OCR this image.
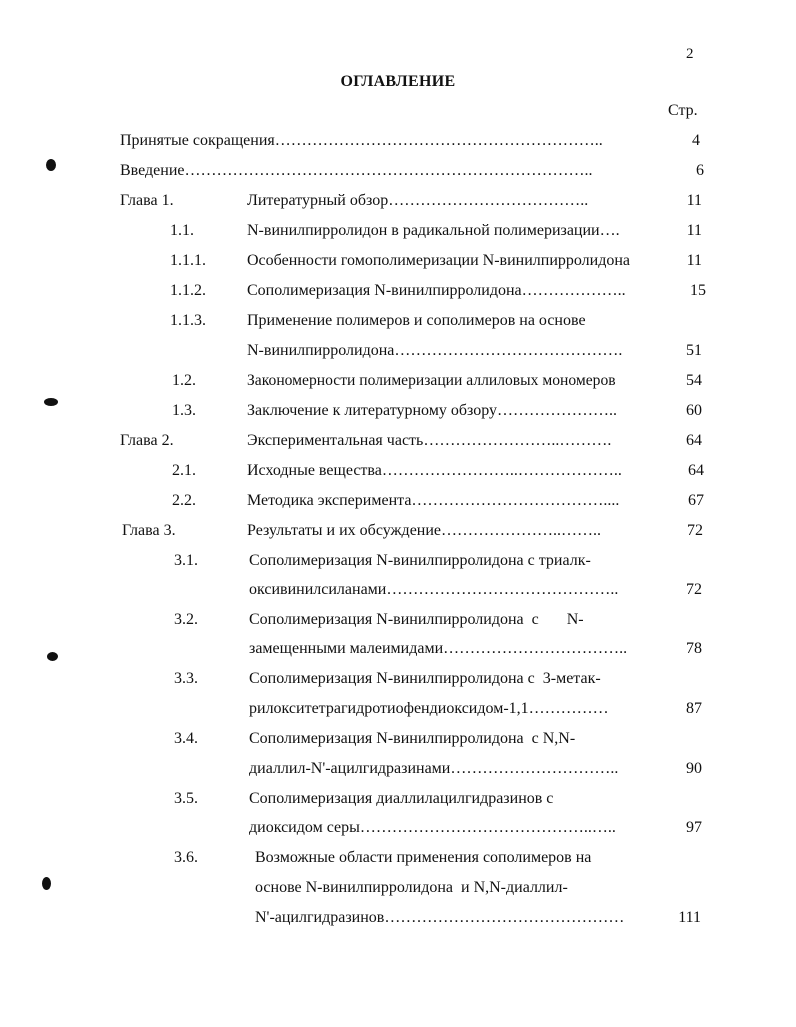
2
ОГЛАВЛЕНИЕ
Стр.
Принятые сокращения……………………………………………………..	4
Введение…………………………………………………………………..	6
Глава 1.	Литературный обзор………………………………..	11
1.1.	N-винилпирролидон в радикальной полимеризации….	11
1.1.1.	Особенности гомополимеризации N-винилпирролидона	11
1.1.2.	Сополимеризация N-винилпирролидона………………..	15
1.1.3.	Применение полимеров и сополимеров на основе
N-винилпирролидона…………………………………….	51
1.2.	Закономерности полимеризации аллиловых мономеров	54
1.3.	Заключение к литературному обзору…………………..	60
Глава 2.	Экспериментальная часть……………………..……….	64
2.1.	Исходные вещества……………………..………………..	64
2.2.	Методика эксперимента………………………………....	67
Глава 3.	Результаты и их обсуждение…………………..……..	72
3.1.	Сополимеризация N-винилпирролидона с триалк-
оксивинилсиланами……………………………………..	72
3.2.	Сополимеризация N-винилпирролидона  с       N-
замещенными малеимидами……………………………..	78
3.3.	Сополимеризация N-винилпирролидона с  3-метак-
рилокситетрагидротиофендиоксидом-1,1……………	87
3.4.	Сополимеризация N-винилпирролидона  с N,N-
диаллил-N'-ацилгидразинами…………………………..	90
3.5.	Сополимеризация диаллилацилгидразинов с
диоксидом серы……………………………………..…..	97
3.6.	Возможные области применения сополимеров на
основе N-винилпирролидона  и N,N-диаллил-
N'-ацилгидразинов………………………………………	111
